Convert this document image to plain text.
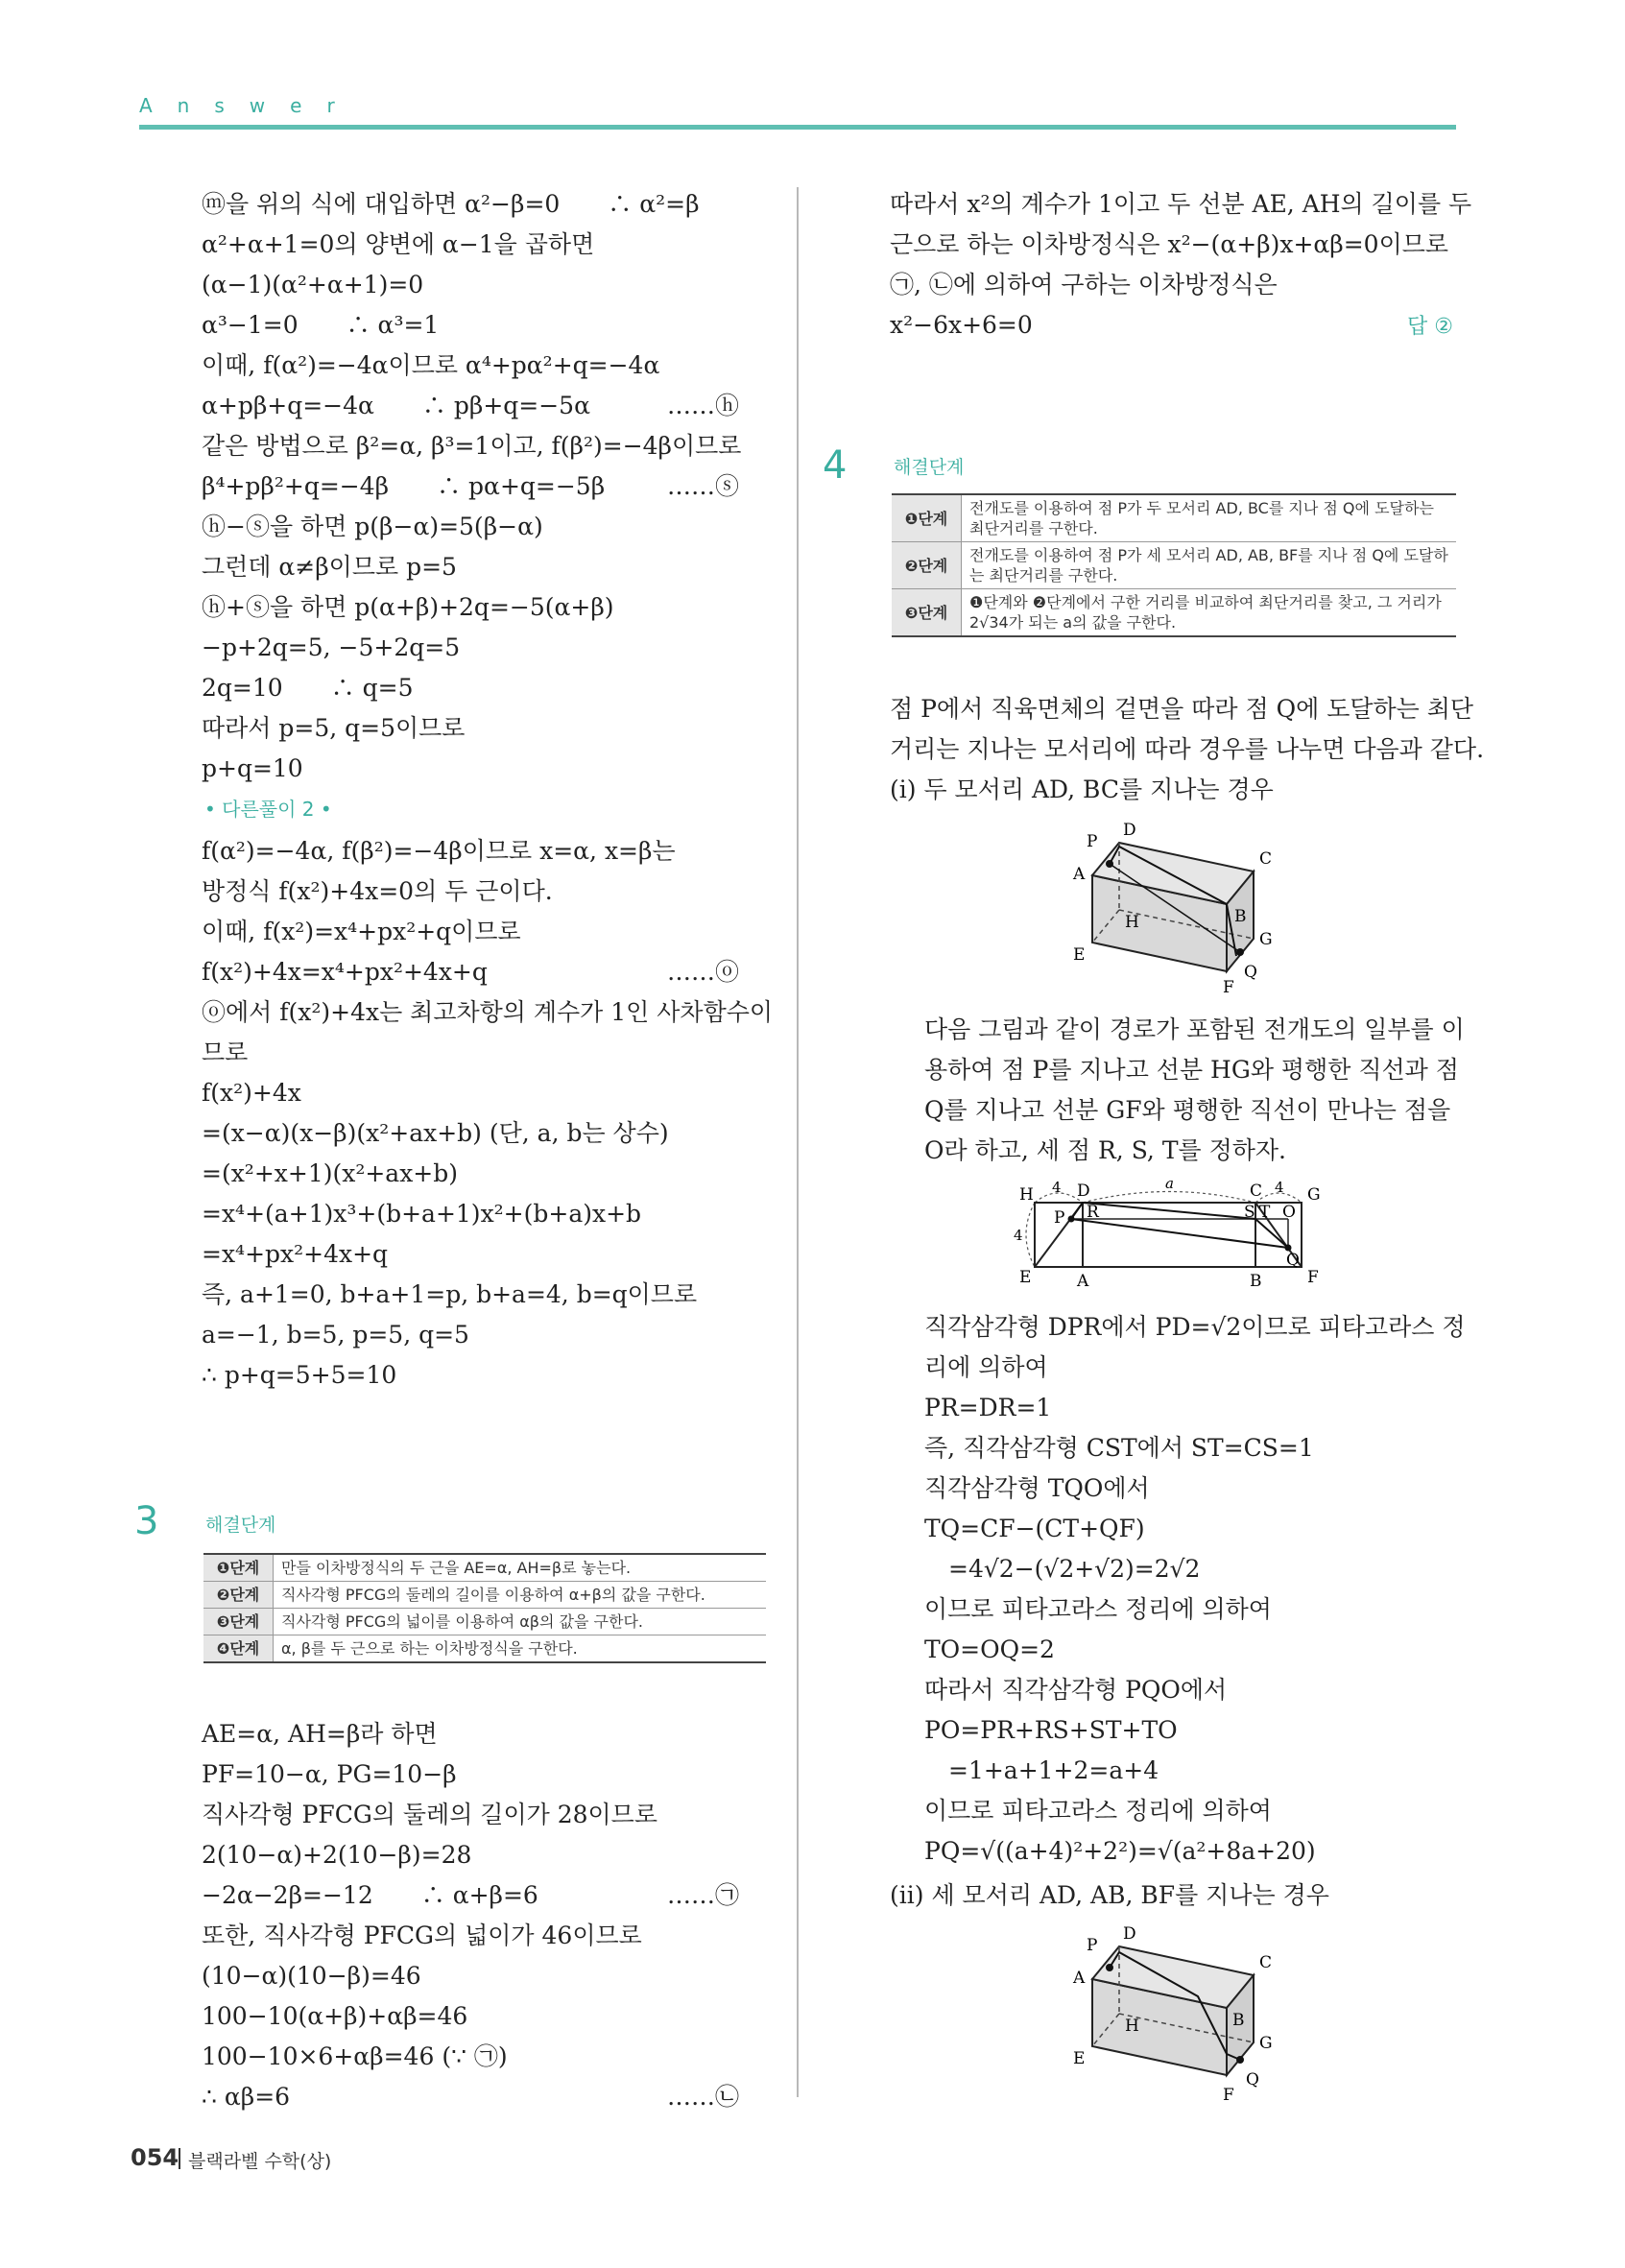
Answer
ⓜ을 위의 식에 대입하면 α²−β=0　　∴ α²=β
α²+α+1=0의 양변에 α−1을 곱하면
(α−1)(α²+α+1)=0
α³−1=0　　∴ α³=1
이때, f(α²)=−4α이므로 α⁴+pα²+q=−4α
……ⓗ
α+pβ+q=−4α　　∴ pβ+q=−5α
같은 방법으로 β²=α, β³=1이고, f(β²)=−4β이므로
……ⓢ
β⁴+pβ²+q=−4β　　∴ pα+q=−5β
ⓗ−ⓢ을 하면 p(β−α)=5(β−α)
그런데 α≠β이므로 p=5
ⓗ+ⓢ을 하면 p(α+β)+2q=−5(α+β)
−p+2q=5, −5+2q=5
2q=10　　∴ q=5
따라서 p=5, q=5이므로
p+q=10
• 다른풀이 2 •
f(α²)=−4α, f(β²)=−4β이므로 x=α, x=β는
방정식 f(x²)+4x=0의 두 근이다.
이때, f(x²)=x⁴+px²+q이므로
……ⓞ
f(x²)+4x=x⁴+px²+4x+q
ⓞ에서 f(x²)+4x는 최고차항의 계수가 1인 사차함수이
므로
f(x²)+4x
=(x−α)(x−β)(x²+ax+b) (단, a, b는 상수)
=(x²+x+1)(x²+ax+b)
=x⁴+(a+1)x³+(b+a+1)x²+(b+a)x+b
=x⁴+px²+4x+q
즉, a+1=0, b+a+1=p, b+a=4, b=q이므로
a=−1, b=5, p=5, q=5
∴ p+q=5+5=10
3	해결단계
❶단계	만들 이차방정식의 두 근을 AE=α, AH=β로 놓는다.
❷단계	직사각형 PFCG의 둘레의 길이를 이용하여 α+β의 값을 구한다.
❸단계	직사각형 PFCG의 넓이를 이용하여 αβ의 값을 구한다.
❹단계	α, β를 두 근으로 하는 이차방정식을 구한다.
AE=α, AH=β라 하면
PF=10−α, PG=10−β
직사각형 PFCG의 둘레의 길이가 28이므로
2(10−α)+2(10−β)=28
……㉠
−2α−2β=−12　　∴ α+β=6
또한, 직사각형 PFCG의 넓이가 46이므로
(10−α)(10−β)=46
100−10(α+β)+αβ=46
100−10×6+αβ=46 (∵ ㉠)
……㉡
∴ αβ=6
따라서 x²의 계수가 1이고 두 선분 AE, AH의 길이를 두
근으로 하는 이차방정식은 x²−(α+β)x+αβ=0이므로
㉠, ㉡에 의하여 구하는 이차방정식은
x²−6x+6=0	답 ②
4	해결단계
❶단계	전개도를 이용하여 점 P가 두 모서리 AD, BC를 지나 점 Q에 도달하는 최단거리를 구한다.
❷단계	전개도를 이용하여 점 P가 세 모서리 AD, AB, BF를 지나 점 Q에 도달하는 최단거리를 구한다.
❸단계	❶단계와 ❷단계에서 구한 거리를 비교하여 최단거리를 찾고, 그 거리가 2√34가 되는 a의 값을 구한다.
점 P에서 직육면체의 겉면을 따라 점 Q에 도달하는 최단
거리는 지나는 모서리에 따라 경우를 나누면 다음과 같다.
(ⅰ) 두 모서리 AD, BC를 지나는 경우
P
D
C
A
H	B
G
E
Q
F
다음 그림과 같이 경로가 포함된 전개도의 일부를 이
용하여 점 P를 지나고 선분 HG와 평행한 직선과 점
Q를 지나고 선분 GF와 평행한 직선이 만나는 점을
O라 하고, 세 점 R, S, T를 정하자.
H	D	C	G
P R	S T O
E	A	B	F
Q
4	a	4
4
직각삼각형 DPR에서 PD=√2이므로 피타고라스 정
리에 의하여
PR=DR=1
즉, 직각삼각형 CST에서 ST=CS=1
직각삼각형 TQO에서
TQ=CF−(CT+QF)
　=4√2−(√2+√2)=2√2
이므로 피타고라스 정리에 의하여
TO=OQ=2
따라서 직각삼각형 PQO에서
PO=PR+RS+ST+TO
　=1+a+1+2=a+4
이므로 피타고라스 정리에 의하여
PQ=√((a+4)²+2²)=√(a²+8a+20)
(ⅱ) 세 모서리 AD, AB, BF를 지나는 경우
P
D
C
A
H	B
G
E
Q
F
054 블랙라벨 수학(상)
